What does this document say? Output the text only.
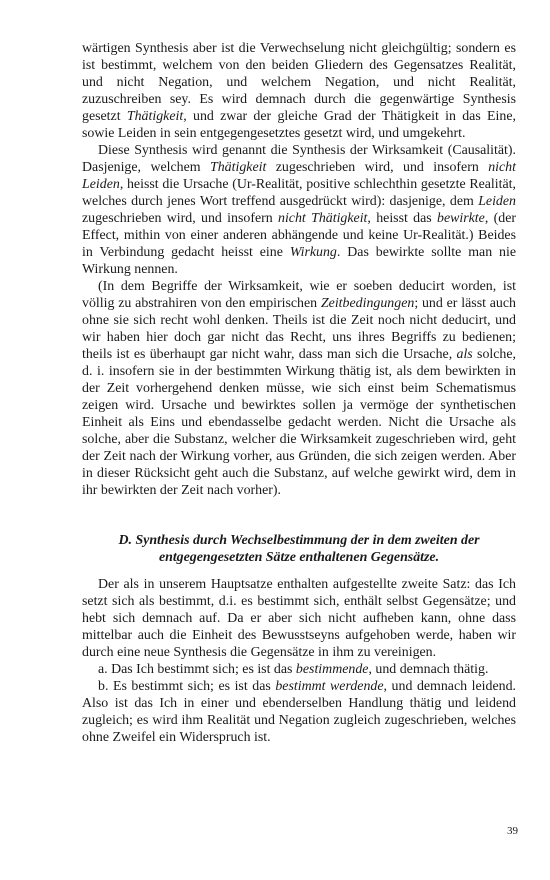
wärtigen Synthesis aber ist die Verwechselung nicht gleichgültig; sondern es ist bestimmt, welchem von den beiden Gliedern des Gegensatzes Realität, und nicht Negation, und welchem Negation, und nicht Realität, zuzuschreiben sey. Es wird demnach durch die gegenwärtige Synthesis gesetzt Thätigkeit, und zwar der gleiche Grad der Thätigkeit in das Eine, sowie Leiden in sein entgegengesetztes gesetzt wird, und umgekehrt.

Diese Synthesis wird genannt die Synthesis der Wirksamkeit (Causalität). Dasjenige, welchem Thätigkeit zugeschrieben wird, und insofern nicht Leiden, heisst die Ursache (Ur-Realität, positive schlechthin gesetzte Realität, welches durch jenes Wort treffend ausgedrückt wird): dasjenige, dem Leiden zugeschrieben wird, und insofern nicht Thätigkeit, heisst das bewirkte, (der Effect, mithin von einer anderen abhängende und keine Ur-Realität.) Beides in Verbindung gedacht heisst eine Wirkung. Das bewirkte sollte man nie Wirkung nennen.

(In dem Begriffe der Wirksamkeit, wie er soeben deducirt worden, ist völlig zu abstrahiren von den empirischen Zeitbedingungen; und er lässt auch ohne sie sich recht wohl denken. Theils ist die Zeit noch nicht deducirt, und wir haben hier doch gar nicht das Recht, uns ihres Begriffs zu bedienen; theils ist es überhaupt gar nicht wahr, dass man sich die Ursache, als solche, d. i. insofern sie in der bestimmten Wirkung thätig ist, als dem bewirkten in der Zeit vorhergehend denken müsse, wie sich einst beim Schematismus zeigen wird. Ursache und bewirktes sollen ja vermöge der synthetischen Einheit als Eins und ebendasselbe gedacht werden. Nicht die Ursache als solche, aber die Substanz, welcher die Wirksamkeit zugeschrieben wird, geht der Zeit nach der Wirkung vorher, aus Gründen, die sich zeigen werden. Aber in dieser Rücksicht geht auch die Substanz, auf welche gewirkt wird, dem in ihr bewirkten der Zeit nach vorher).

D. Synthesis durch Wechselbestimmung der in dem zweiten der
entgegengesetzten Sätze enthaltenen Gegensätze.

Der als in unserem Hauptsatze enthalten aufgestellte zweite Satz: das Ich setzt sich als bestimmt, d.i. es bestimmt sich, enthält selbst Gegensätze; und hebt sich demnach auf. Da er aber sich nicht aufheben kann, ohne dass mittelbar auch die Einheit des Bewusstseyns aufgehoben werde, haben wir durch eine neue Synthesis die Gegensätze in ihm zu vereinigen.

a. Das Ich bestimmt sich; es ist das bestimmende, und demnach thätig.

b. Es bestimmt sich; es ist das bestimmt werdende, und demnach leidend. Also ist das Ich in einer und ebenderselben Handlung thätig und leidend zugleich; es wird ihm Realität und Negation zugleich zugeschrieben, welches ohne Zweifel ein Widerspruch ist.

39
